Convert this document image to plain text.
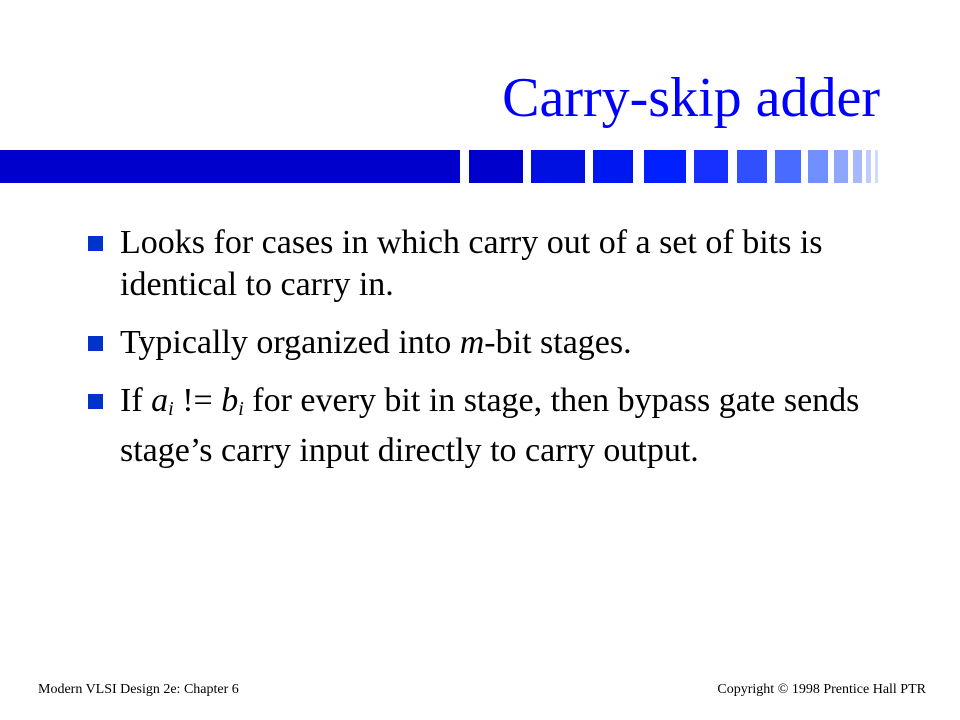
Carry-skip adder
Looks for cases in which carry out of a set of bits is identical to carry in.
Typically organized into m-bit stages.
If $a_i$ != $b_i$ for every bit in stage, then bypass gate sends stage’s carry input directly to carry output.
Modern VLSI Design 2e: Chapter 6	Copyright © 1998 Prentice Hall PTR
